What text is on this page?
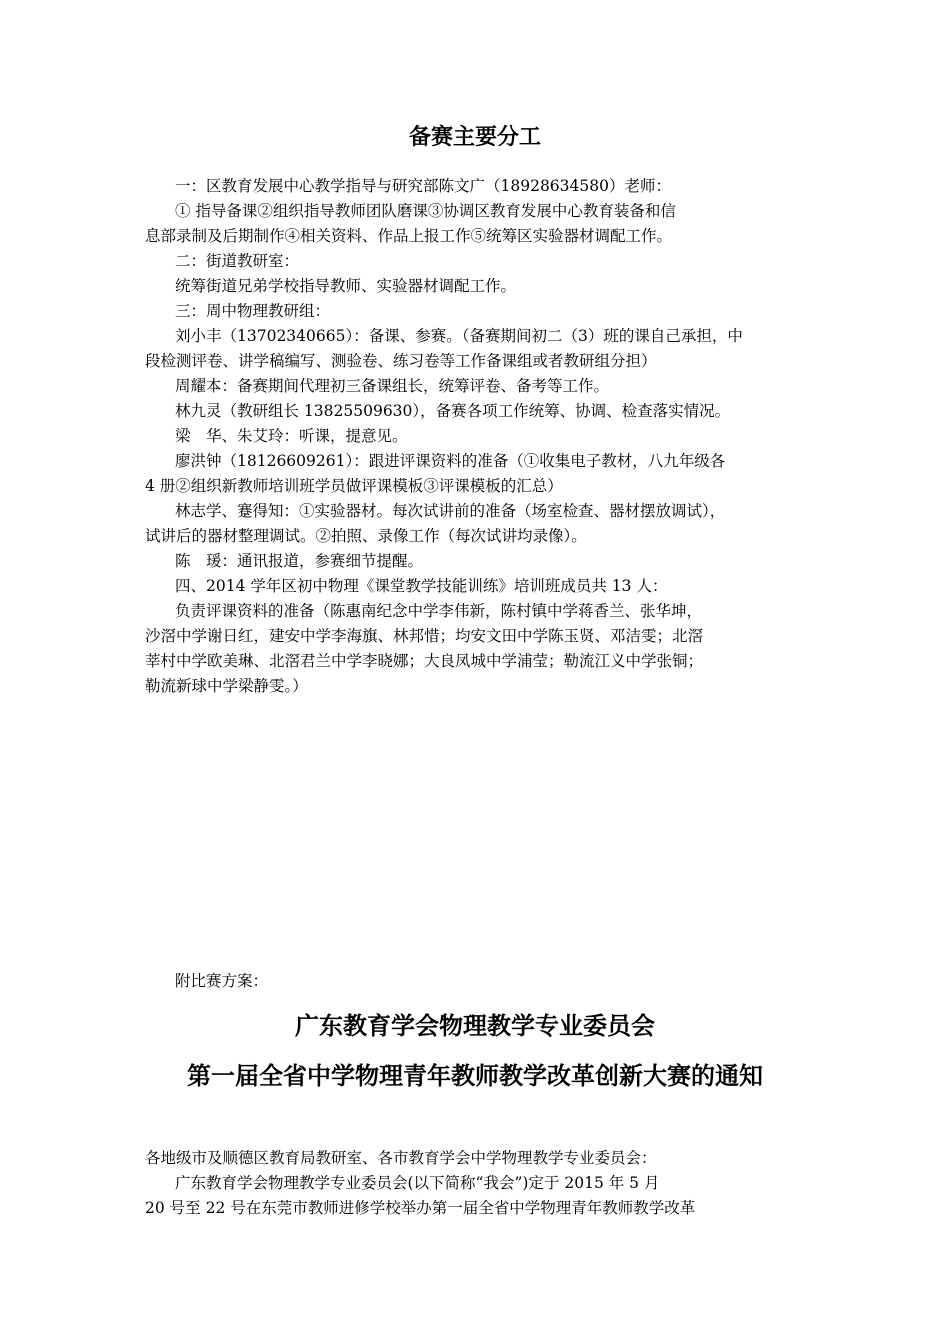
备赛主要分工
一：区教育发展中心教学指导与研究部陈文广（18928634580）老师：
① 指导备课②组织指导教师团队磨课③协调区教育发展中心教育装备和信
息部录制及后期制作④相关资料、作品上报工作⑤统筹区实验器材调配工作。
二：街道教研室：
统筹街道兄弟学校指导教师、实验器材调配工作。
三：周中物理教研组：
刘小丰（13702340665）：备课、参赛。（备赛期间初二（3）班的课自己承担，中
段检测评卷、讲学稿编写、测验卷、练习卷等工作备课组或者教研组分担）
周耀本：备赛期间代理初三备课组长，统筹评卷、备考等工作。
林九灵（教研组长 13825509630），备赛各项工作统筹、协调、检查落实情况。
梁　华、朱艾玲：听课，提意见。
廖洪钟（18126609261）：跟进评课资料的准备（①收集电子教材，八九年级各
4 册②组织新教师培训班学员做评课模板③评课模板的汇总）
林志学、蹇得知：①实验器材。每次试讲前的准备（场室检查、器材摆放调试），
试讲后的器材整理调试。②拍照、录像工作（每次试讲均录像）。
陈　瑗：通讯报道，参赛细节提醒。
四、2014 学年区初中物理《课堂教学技能训练》培训班成员共 13 人：
负责评课资料的准备（陈惠南纪念中学李伟新，陈村镇中学蒋香兰、张华坤，
沙滘中学谢日红，建安中学李海旗、林邦惜；均安文田中学陈玉贤、邓洁雯；北滘
莘村中学欧美琳、北滘君兰中学李晓娜；大良凤城中学浦莹；勒流江义中学张铜；
勒流新球中学梁静雯。）
附比赛方案：
广东教育学会物理教学专业委员会
第一届全省中学物理青年教师教学改革创新大赛的通知
各地级市及顺德区教育局教研室、各市教育学会中学物理教学专业委员会：
广东教育学会物理教学专业委员会(以下简称“我会”)定于 2015 年 5 月
20 号至 22 号在东莞市教师进修学校举办第一届全省中学物理青年教师教学改革
